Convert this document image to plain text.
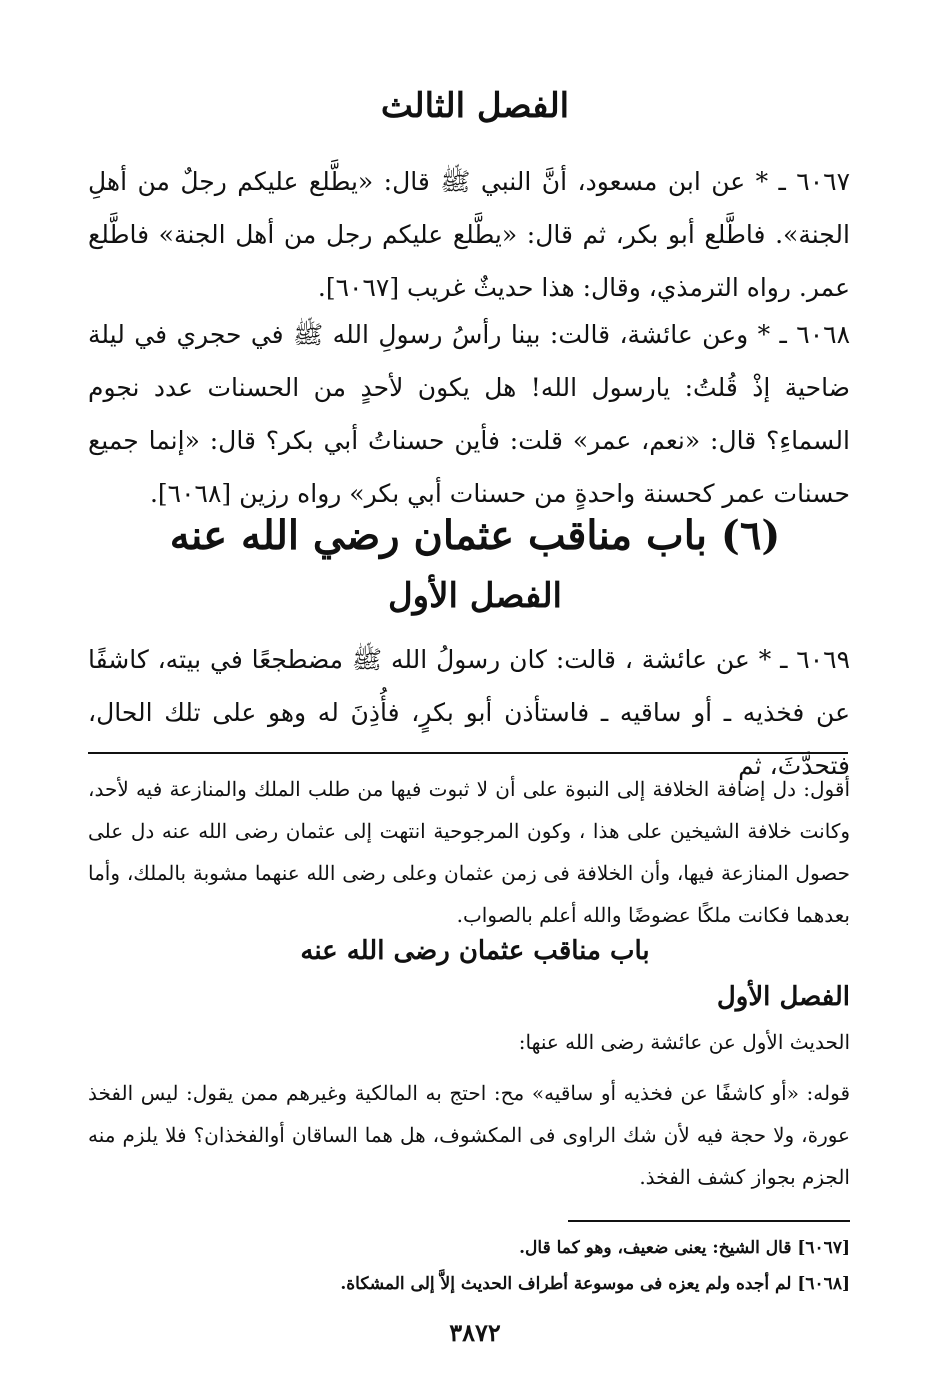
الفصل الثالث

٦٠٦٧ ـ * عن ابن مسعود، أنَّ النبي ﷺ قال: «يطَّلع عليكم رجلٌ من أهلِ الجنة». فاطَّلع أبو بكر، ثم قال: «يطَّلع عليكم رجل من أهل الجنة» فاطَّلع عمر. رواه الترمذي، وقال: هذا حديثٌ غريب [٦٠٦٧].

٦٠٦٨ ـ * وعن عائشة، قالت: بينا رأسُ رسولِ الله ﷺ في حجري في ليلة ضاحية إذْ قُلتُ: يارسول الله! هل يكون لأحدٍ من الحسنات عدد نجوم السماءِ؟ قال: «نعم، عمر» قلت: فأين حسناتُ أبي بكر؟ قال: «إنما جميع حسنات عمر كحسنة واحدةٍ من حسنات أبي بكر» رواه رزين [٦٠٦٨].

(٦) باب مناقب عثمان رضي الله عنه
الفصل الأول

٦٠٦٩ ـ * عن عائشة ، قالت: كان رسولُ الله ﷺ مضطجعًا في بيته، كاشفًا عن فخذيه ـ أو ساقيه ـ فاستأذن أبو بكرٍ، فأُذِنَ له وهو على تلك الحال، فتحدَّثَ، ثم

أقول: دل إضافة الخلافة إلى النبوة على أن لا ثبوت فيها من طلب الملك والمنازعة فيه لأحد، وكانت خلافة الشيخين على هذا ، وكون المرجوحية انتهت إلى عثمان رضى الله عنه دل على حصول المنازعة فيها، وأن الخلافة فى زمن عثمان وعلى رضى الله عنهما مشوبة بالملك، وأما بعدهما فكانت ملكًا عضوضًا والله أعلم بالصواب.

باب مناقب عثمان رضى الله عنه
الفصل الأول
الحديث الأول عن عائشة رضى الله عنها:

قوله: «أو كاشفًا عن فخذيه أو ساقيه» مح: احتج به المالكية وغيرهم ممن يقول: ليس الفخذ عورة، ولا حجة فيه لأن شك الراوى فى المكشوف، هل هما الساقان أوالفخذان؟ فلا يلزم منه الجزم بجواز كشف الفخذ.

[٦٠٦٧] قال الشيخ: يعنى ضعيف، وهو كما قال.
[٦٠٦٨] لم أجده ولم يعزه فى موسوعة أطراف الحديث إلاَّ إلى المشكاة.
٣٨٧٢
